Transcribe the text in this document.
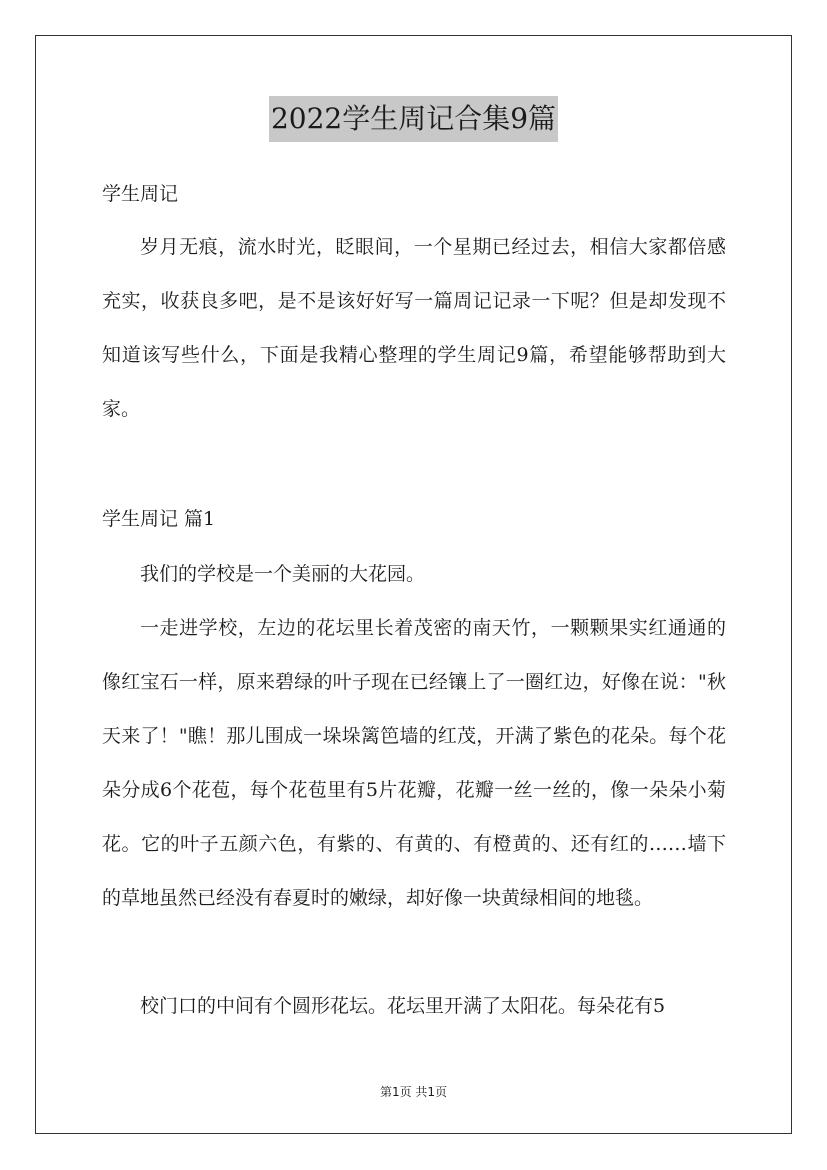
2022学生周记合集9篇
学生周记

岁月无痕，流水时光，眨眼间，一个星期已经过去，相信大家都倍感充实，收获良多吧，是不是该好好写一篇周记记录一下呢？但是却发现不知道该写些什么，下面是我精心整理的学生周记9篇，希望能够帮助到大家。

学生周记 篇1

我们的学校是一个美丽的大花园。

一走进学校，左边的花坛里长着茂密的南天竹，一颗颗果实红通通的像红宝石一样，原来碧绿的叶子现在已经镶上了一圈红边，好像在说："秋天来了！"瞧！那儿围成一垛垛篱笆墙的红茂，开满了紫色的花朵。每个花朵分成6个花苞，每个花苞里有5片花瓣，花瓣一丝一丝的，像一朵朵小菊花。它的叶子五颜六色，有紫的、有黄的、有橙黄的、还有红的……墙下的草地虽然已经没有春夏时的嫩绿，却好像一块黄绿相间的地毯。

校门口的中间有个圆形花坛。花坛里开满了太阳花。每朵花有5

第1页 共1页
